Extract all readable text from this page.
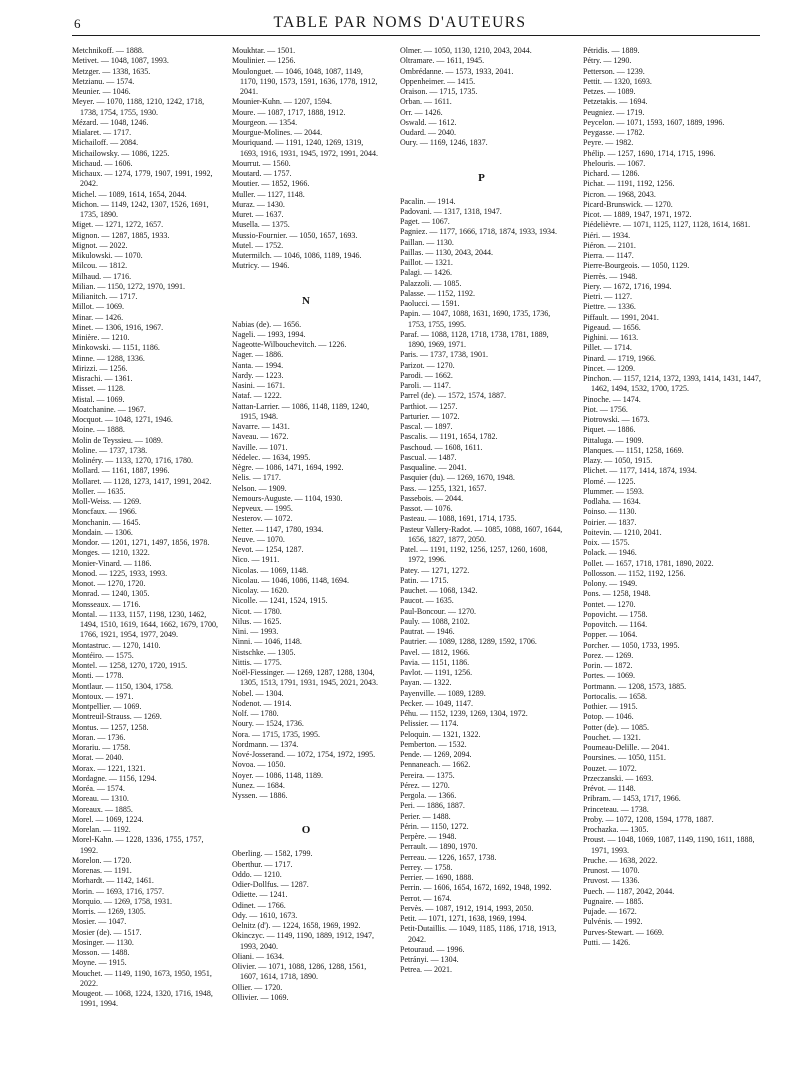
6	TABLE PAR NOMS D'AUTEURS
Metchnikoff. — 1888.
Metivet. — 1048, 1087, 1993.
Metzger. — 1338, 1635.
Metzianu. — 1574.
Meunier. — 1046.
Meyer. — 1070, 1188, 1210, 1242, 1718, 1738, 1754, 1755, 1930.
Mézard. — 1048, 1246.
Mialaret. — 1717.
Michailoff. — 2084.
Michailowsky. — 1086, 1225.
Michaud. — 1606.
Michaux. — 1274, 1779, 1907, 1991, 1992, 2042.
Michel. — 1089, 1614, 1654, 2044.
Michon. — 1149, 1242, 1307, 1526, 1691, 1735, 1890.
Miget. — 1271, 1272, 1657.
Mignon. — 1287, 1885, 1933.
Mignot. — 2022.
Mikulowski. — 1070.
Milcou. — 1812.
Milhaud. — 1716.
Milian. — 1150, 1272, 1970, 1991.
Milianitch. — 1717.
Millot. — 1069.
Minar. — 1426.
Minet. — 1306, 1916, 1967.
Minière. — 1210.
Minkowski. — 1151, 1186.
Minne. — 1288, 1336.
Mirizzi. — 1256.
Misrachi. — 1361.
Misset. — 1128.
Mistal. — 1069.
Moatchanine. — 1967.
Mocquot. — 1048, 1271, 1946.
Moine. — 1888.
Molin de Teyssieu. — 1089.
Moline. — 1737, 1738.
Molinéry. — 1133, 1270, 1716, 1780.
Mollard. — 1161, 1887, 1996.
Mollaret. — 1128, 1273, 1417, 1991, 2042.
Moller. — 1635.
Moll-Weiss. — 1269.
Moncfaux. — 1966.
Monchanin. — 1645.
Mondain. — 1306.
Mondor. — 1201, 1271, 1497, 1856, 1978.
Monges. — 1210, 1322.
Monier-Vinard. — 1186.
Monod. — 1225, 1933, 1993.
Monot. — 1270, 1720.
Monrad. — 1240, 1305.
Monsseaux. — 1716.
Montal. — 1133, 1157, 1198, 1230, 1462, 1494, 1510, 1619, 1644, 1662, 1679, 1700, 1766, 1921, 1954, 1977, 2049.
Montastruc. — 1270, 1410.
Montéiro. — 1575.
Montel. — 1258, 1270, 1720, 1915.
Monti. — 1778.
Montlaur. — 1150, 1304, 1758.
Montoux. — 1971.
Montpellier. — 1069.
Montreuil-Strauss. — 1269.
Montus. — 1257, 1258.
Moran. — 1736.
Morariu. — 1758.
Morat. — 2040.
Morax. — 1221, 1321.
Mordagne. — 1156, 1294.
Moréa. — 1574.
Moreau. — 1310.
Moreaux. — 1885.
Morel. — 1069, 1224.
Morelan. — 1192.
Morel-Kahn. — 1228, 1336, 1755, 1757, 1992.
Morelon. — 1720.
Morenas. — 1191.
Morhardt. — 1142, 1461.
Morin. — 1693, 1716, 1757.
Morquio. — 1269, 1758, 1931.
Morris. — 1269, 1305.
Mosier. — 1047.
Mosier (de). — 1517.
Mosinger. — 1130.
Mosson. — 1488.
Moyne. — 1915.
Mouchet. — 1149, 1190, 1673, 1950, 1951, 2022.
Mougeot. — 1068, 1224, 1320, 1716, 1948, 1991, 1994.
Moukhtar. — 1501.
Moulinier. — 1256.
Moulonguet. — 1046, 1048, 1087, 1149, 1170, 1190, 1573, 1591, 1636, 1778, 1912, 2041.
Mounier-Kuhn. — 1207, 1594.
Moure. — 1087, 1717, 1888, 1912.
Mourgeon. — 1354.
Mourgue-Molines. — 2044.
Mouriquand. — 1191, 1240, 1269, 1319, 1693, 1916, 1931, 1945, 1972, 1991, 2044.
Mourrut. — 1560.
Moutard. — 1757.
Moutier. — 1852, 1966.
Muller. — 1127, 1148.
Muraz. — 1430.
Muret. — 1637.
Musella. — 1375.
Mussio-Fournier. — 1050, 1657, 1693.
Mutel. — 1752.
Mutermilch. — 1046, 1086, 1189, 1946.
Mutricy. — 1946.
N
Nabias (de). — 1656.
Nageli. — 1993, 1994.
Nageotte-Wilbouchevitch. — 1226.
Nager. — 1886.
Nanta. — 1994.
Nardy. — 1223.
Nasini. — 1671.
Nataf. — 1222.
Nattan-Larrier. — 1086, 1148, 1189, 1240, 1915, 1948.
Navarre. — 1431.
Naveau. — 1672.
Naville. — 1071.
Nédelec. — 1634, 1995.
Nègre. — 1086, 1471, 1694, 1992.
Nelis. — 1717.
Nelson. — 1909.
Nemours-Auguste. — 1104, 1930.
Nepveux. — 1995.
Nesterov. — 1072.
Netter. — 1147, 1780, 1934.
Neuve. — 1070.
Nevot. — 1254, 1287.
Nico. — 1911.
Nicolas. — 1069, 1148.
Nicolau. — 1046, 1086, 1148, 1694.
Nicolay. — 1620.
Nicolle. — 1241, 1524, 1915.
Nicot. — 1780.
Nilus. — 1625.
Nini. — 1993.
Ninni. — 1046, 1148.
Nistschke. — 1305.
Nittis. — 1775.
Noël-Fiessinger. — 1269, 1287, 1288, 1304, 1305, 1513, 1791, 1931, 1945, 2021, 2043.
Nobel. — 1304.
Nodenot. — 1914.
Nolf. — 1780.
Noury. — 1524, 1736.
Nora. — 1715, 1735, 1995.
Nordmann. — 1374.
Nové-Josserand. — 1072, 1754, 1972, 1995.
Novoa. — 1050.
Noyer. — 1086, 1148, 1189.
Nunez. — 1684.
Nyssen. — 1886.
O
Oberling. — 1582, 1799.
Oberthur. — 1717.
Oddo. — 1210.
Odier-Dollfus. — 1287.
Odiette. — 1241.
Odinet. — 1766.
Ody. — 1610, 1673.
Oelnitz (d'). — 1224, 1658, 1969, 1992.
Okinczyc. — 1149, 1190, 1889, 1912, 1947, 1993, 2040.
Oliani. — 1634.
Olivier. — 1071, 1088, 1286, 1288, 1561, 1607, 1614, 1718, 1890.
Ollier. — 1720.
Ollivier. — 1069.
Olmer. — 1050, 1130, 1210, 2043, 2044.
Oltramare. — 1611, 1945.
Ombrédanne. — 1573, 1933, 2041.
Oppenheimer. — 1415.
Oraison. — 1715, 1735.
Orban. — 1611.
Orr. — 1426.
Oswald. — 1612.
Oudard. — 2040.
Oury. — 1169, 1246, 1837.
P
Pacalin. — 1914.
Padovani. — 1317, 1318, 1947.
Paget. — 1067.
Pagniez. — 1177, 1666, 1718, 1874, 1933, 1934.
Paillan. — 1130.
Paillas. — 1130, 2043, 2044.
Paillot. — 1321.
Palagi. — 1426.
Palazzoli. — 1085.
Palasse. — 1152, 1192.
Paolucci. — 1591.
Papin. — 1047, 1088, 1631, 1690, 1735, 1736, 1753, 1755, 1995.
Paraf. — 1088, 1128, 1718, 1738, 1781, 1889, 1890, 1969, 1971.
Paris. — 1737, 1738, 1901.
Parizot. — 1270.
Parodi. — 1662.
Paroli. — 1147.
Parrel (de). — 1572, 1574, 1887.
Parthiot. — 1257.
Parturier. — 1072.
Pascal. — 1897.
Pascalis. — 1191, 1654, 1782.
Paschoud. — 1608, 1611.
Pascual. — 1487.
Pasqualine. — 2041.
Pasquier (du). — 1269, 1670, 1948.
Pass. — 1255, 1321, 1657.
Passebois. — 2044.
Passot. — 1076.
Pasteau. — 1088, 1691, 1714, 1735.
Pasteur Vallery-Radot. — 1085, 1088, 1607, 1644, 1656, 1827, 1877, 2050.
Patel. — 1191, 1192, 1256, 1257, 1260, 1608, 1972, 1996.
Patey. — 1271, 1272.
Patin. — 1715.
Pauchet. — 1068, 1342.
Paucot. — 1635.
Paul-Boncour. — 1270.
Pauly. — 1088, 2102.
Pautrat. — 1946.
Pautrier. — 1089, 1288, 1289, 1592, 1706.
Pavel. — 1812, 1966.
Pavia. — 1151, 1186.
Pavlot. — 1191, 1256.
Payan. — 1322.
Payenville. — 1089, 1289.
Pecker. — 1049, 1147.
Péhu. — 1152, 1239, 1269, 1304, 1972.
Pelissier. — 1174.
Peloquin. — 1321, 1322.
Pemberton. — 1532.
Pende. — 1269, 2094.
Pennaneach. — 1662.
Pereira. — 1375.
Pérez. — 1270.
Pergola. — 1366.
Peri. — 1886, 1887.
Perier. — 1488.
Périn. — 1150, 1272.
Perpère. — 1948.
Perrault. — 1890, 1970.
Perreau. — 1226, 1657, 1738.
Perrey. — 1758.
Perrier. — 1690, 1888.
Perrin. — 1606, 1654, 1672, 1692, 1948, 1992.
Perrot. — 1674.
Pervès. — 1087, 1912, 1914, 1993, 2050.
Petit. — 1071, 1271, 1638, 1969, 1994.
Petit-Dutaillis. — 1049, 1185, 1186, 1718, 1913, 2042.
Petouraud. — 1996.
Petrányi. — 1304.
Petrea. — 2021.
Pétridis. — 1889.
Pétry. — 1290.
Petterson. — 1239.
Pettit. — 1320, 1693.
Petzes. — 1089.
Petzetakis. — 1694.
Peugniez. — 1719.
Peycelon. — 1071, 1593, 1607, 1889, 1996.
Peygasse. — 1782.
Peyre. — 1982.
Phélip. — 1257, 1690, 1714, 1715, 1996.
Phelouris. — 1067.
Pichard. — 1286.
Pichat. — 1191, 1192, 1256.
Picron. — 1968, 2043.
Picard-Brunswick. — 1270.
Picot. — 1889, 1947, 1971, 1972.
Piédelièvre. — 1071, 1125, 1127, 1128, 1614, 1681.
Piéri. — 1934.
Piéron. — 2101.
Pierra. — 1147.
Pierre-Bourgeois. — 1050, 1129.
Pierrès. — 1948.
Piery. — 1672, 1716, 1994.
Pietri. — 1127.
Piettre. — 1336.
Piffault. — 1991, 2041.
Pigeaud. — 1656.
Pighini. — 1613.
Pillet. — 1714.
Pinard. — 1719, 1966.
Pincet. — 1209.
Pinchon. — 1157, 1214, 1372, 1393, 1414, 1431, 1447, 1462, 1494, 1532, 1700, 1725.
Pinoche. — 1474.
Piot. — 1756.
Piotrowski. — 1673.
Piquet. — 1886.
Pittaluga. — 1909.
Planques. — 1151, 1258, 1669.
Plazy. — 1050, 1915.
Plichet. — 1177, 1414, 1874, 1934.
Plomé. — 1225.
Plummer. — 1593.
Podlaha. — 1634.
Poinso. — 1130.
Poirier. — 1837.
Poitevin. — 1210, 2041.
Poix. — 1575.
Polack. — 1946.
Pollet. — 1657, 1718, 1781, 1890, 2022.
Pollosson. — 1152, 1192, 1256.
Polony. — 1949.
Pons. — 1258, 1948.
Pontet. — 1270.
Popovicht. — 1758.
Popovitch. — 1164.
Popper. — 1064.
Porcher. — 1050, 1733, 1995.
Porez. — 1269.
Porin. — 1872.
Portes. — 1069.
Portmann. — 1208, 1573, 1885.
Portocalis. — 1658.
Pothier. — 1915.
Potop. — 1046.
Potter (de). — 1085.
Pouchet. — 1321.
Poumeau-Delille. — 2041.
Poursines. — 1050, 1151.
Pouzet. — 1072.
Przeczanski. — 1693.
Prévot. — 1148.
Pribram. — 1453, 1717, 1966.
Princeteau. — 1738.
Proby. — 1072, 1208, 1594, 1778, 1887.
Prochazka. — 1305.
Proust. — 1048, 1069, 1087, 1149, 1190, 1611, 1888, 1971, 1993.
Pruche. — 1638, 2022.
Prunost. — 1070.
Pruvost. — 1336.
Puech. — 1187, 2042, 2044.
Pugnaire. — 1885.
Pujade. — 1672.
Pulvénis. — 1992.
Purves-Stewart. — 1669.
Putti. — 1426.
